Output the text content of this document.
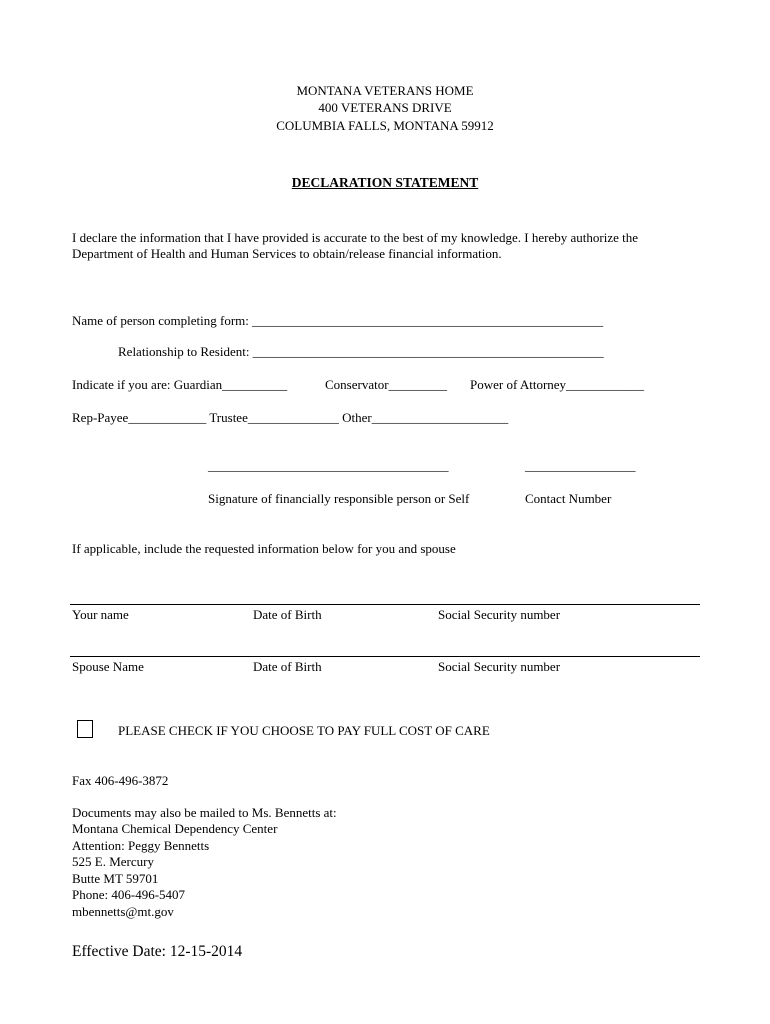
MONTANA VETERANS HOME
400 VETERANS DRIVE
COLUMBIA FALLS, MONTANA 59912
DECLARATION STATEMENT
I declare the information that I have provided is accurate to the best of my knowledge. I hereby authorize the
Department of Health and Human Services to obtain/release financial information.
Name of person completing form: ______________________________________________________
Relationship to Resident: ______________________________________________________
Indicate if you are: Guardian__________	Conservator_________ Power of Attorney____________
Rep-Payee____________ Trustee______________ Other_____________________
_____________________________________	_________________
Signature of financially responsible person or Self	Contact Number
If applicable, include the requested information below for you and spouse
Your name	Date of Birth	Social Security number
Spouse Name	Date of Birth	Social Security number
PLEASE CHECK IF YOU CHOOSE TO PAY FULL COST OF CARE
Fax 406-496-3872
Documents may also be mailed to Ms. Bennetts at:
Montana Chemical Dependency Center
Attention: Peggy Bennetts
525 E. Mercury
Butte MT 59701
Phone: 406-496-5407
mbennetts@mt.gov
Effective Date: 12-15-2014
